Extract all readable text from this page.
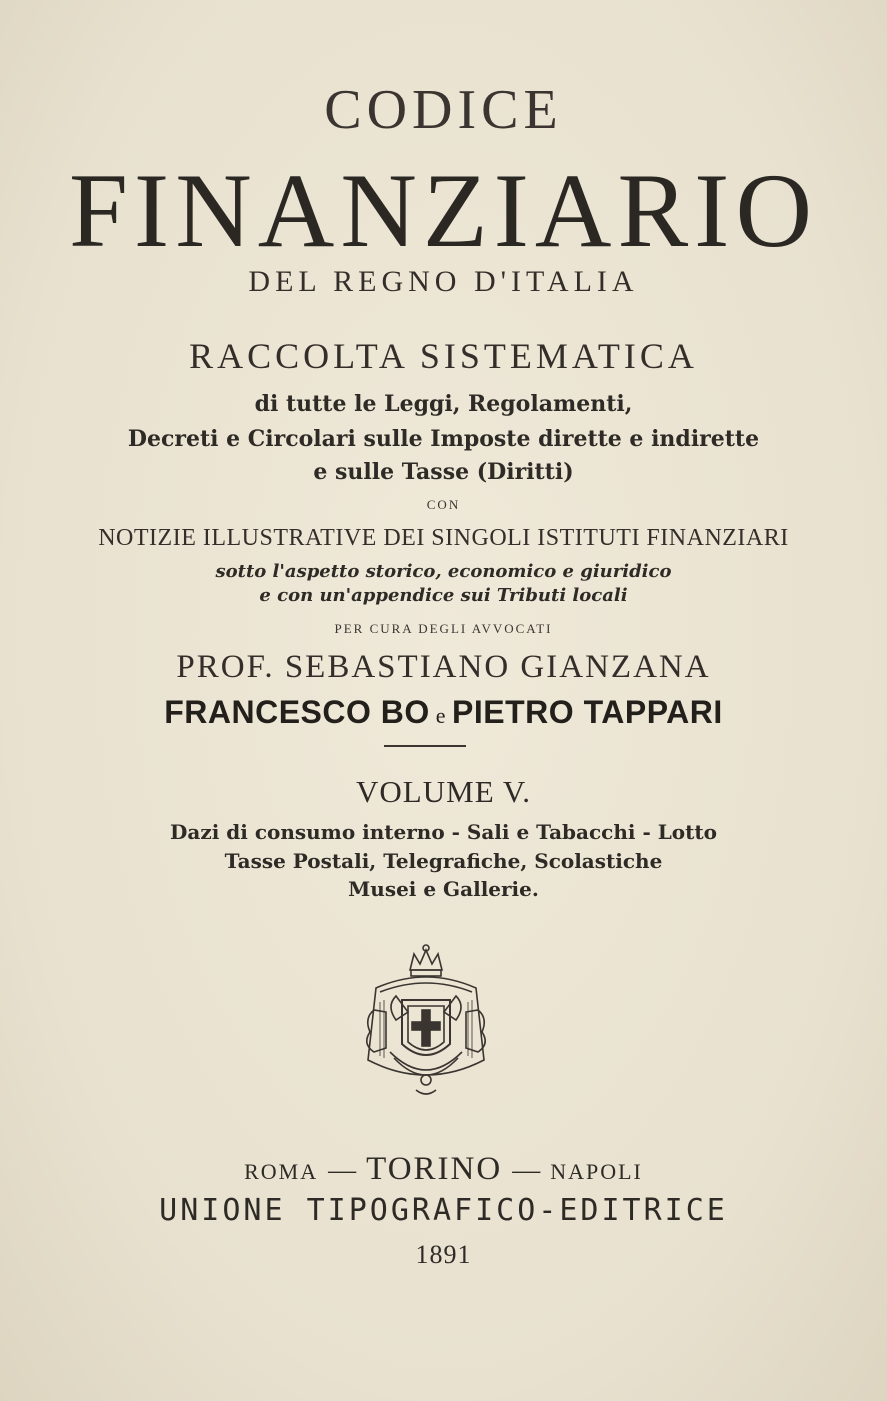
CODICE
FINANZIARIO
DEL REGNO D'ITALIA
RACCOLTA SISTEMATICA
di tutte le Leggi, Regolamenti,
Decreti e Circolari sulle Imposte dirette e indirette
e sulle Tasse (Diritti)
CON
NOTIZIE ILLUSTRATIVE DEI SINGOLI ISTITUTI FINANZIARI
sotto l'aspetto storico, economico e giuridico
e con un'appendice sui Tributi locali
PER CURA DEGLI AVVOCATI
PROF. SEBASTIANO GIANZANA
FRANCESCO BO e PIETRO TAPPARI
VOLUME V.
Dazi di consumo interno - Sali e Tabacchi - Lotto
Tasse Postali, Telegrafiche, Scolastiche
Musei e Gallerie.
ROMA — TORINO — NAPOLI
UNIONE TIPOGRAFICO-EDITRICE
1891
